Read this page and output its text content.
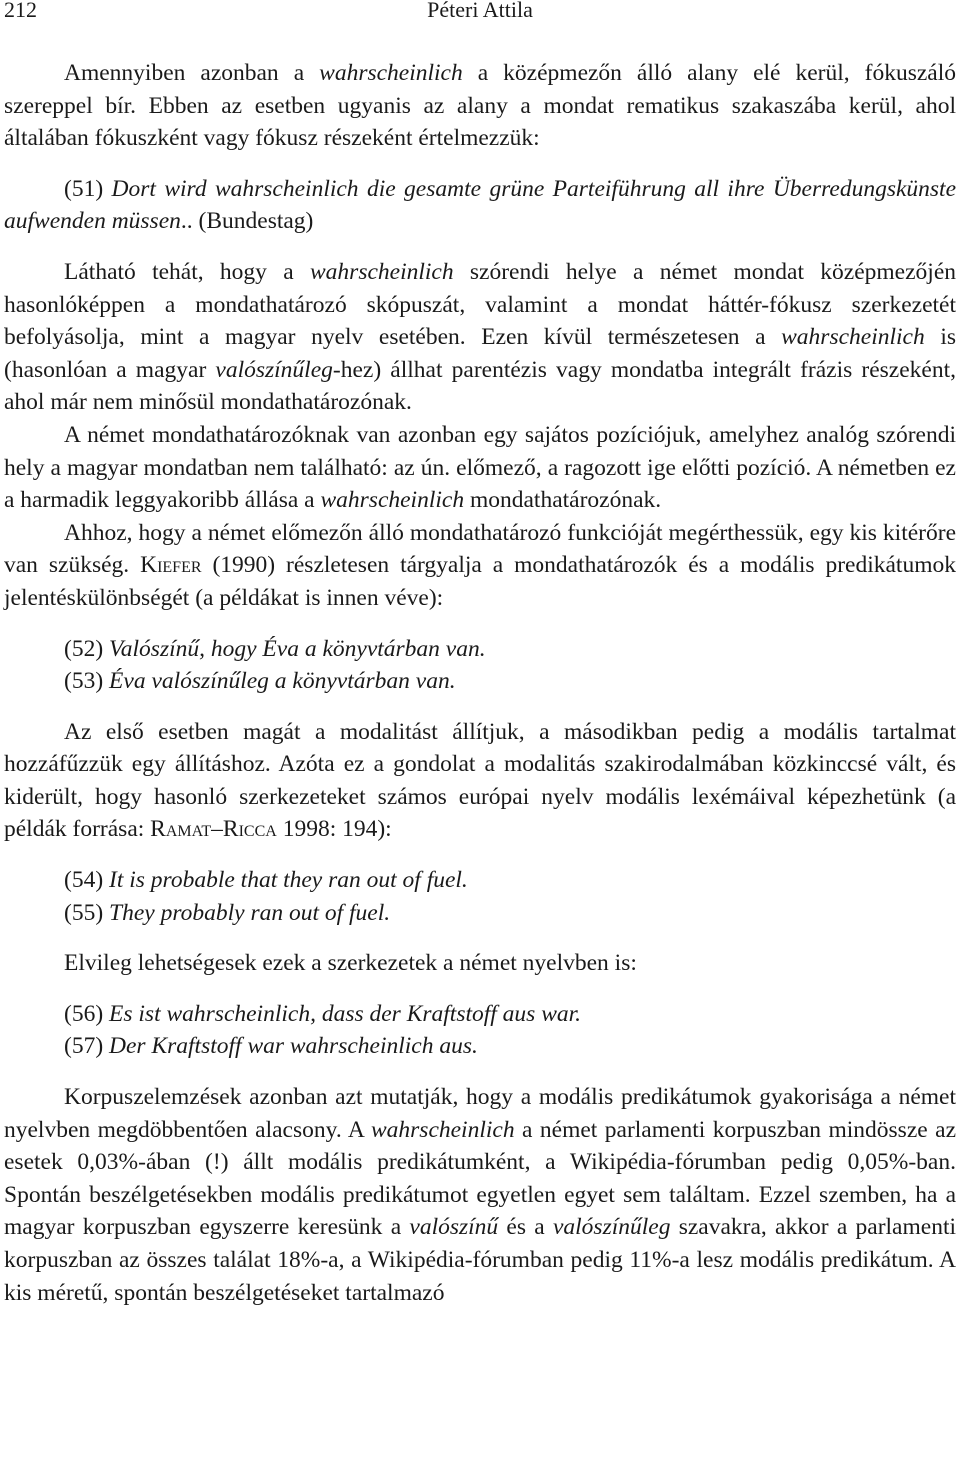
212	Péteri Attila

Amennyiben azonban a wahrscheinlich a középmezőn álló alany elé kerül, fókuszáló szereppel bír. Ebben az esetben ugyanis az alany a mondat rematikus szakaszába kerül, ahol általában fókuszként vagy fókusz részeként értelmezzük:

(51) Dort wird wahrscheinlich die gesamte grüne Parteiführung all ihre Überredungskünste aufwenden müssen.. (Bundestag)

Látható tehát, hogy a wahrscheinlich szórendi helye a német mondat középmezőjén hasonlóképpen a mondathatározó skópuszát, valamint a mondat háttér-fókusz szerkezetét befolyásolja, mint a magyar nyelv esetében. Ezen kívül természetesen a wahrscheinlich is (hasonlóan a magyar valószínűleg-hez) állhat parentézis vagy mondatba integrált frázis részeként, ahol már nem minősül mondathatározónak.

A német mondathatározóknak van azonban egy sajátos pozíciójuk, amelyhez analóg szórendi hely a magyar mondatban nem található: az ún. előmező, a ragozott ige előtti pozíció. A németben ez a harmadik leggyakoribb állása a wahrscheinlich mondathatározónak.

Ahhoz, hogy a német előmezőn álló mondathatározó funkcióját megérthessük, egy kis kitérőre van szükség. Kiefer (1990) részletesen tárgyalja a mondathatározók és a modális predikátumok jelentéskülönbségét (a példákat is innen véve):

(52) Valószínű, hogy Éva a könyvtárban van.

(53) Éva valószínűleg a könyvtárban van.

Az első esetben magát a modalitást állítjuk, a másodikban pedig a modális tartalmat hozzáfűzzük egy állításhoz. Azóta ez a gondolat a modalitás szakirodalmában közkinccsé vált, és kiderült, hogy hasonló szerkezeteket számos európai nyelv modális lexémáival képezhetünk (a példák forrása: Ramat–Ricca 1998: 194):

(54) It is probable that they ran out of fuel.

(55) They probably ran out of fuel.

Elvileg lehetségesek ezek a szerkezetek a német nyelvben is:

(56) Es ist wahrscheinlich, dass der Kraftstoff aus war.

(57) Der Kraftstoff war wahrscheinlich aus.

Korpuszelemzések azonban azt mutatják, hogy a modális predikátumok gyakorisága a német nyelvben megdöbbentően alacsony. A wahrscheinlich a német parlamenti korpuszban mindössze az esetek 0,03%-ában (!) állt modális predikátumként, a Wikipédia-fórumban pedig 0,05%-ban. Spontán beszélgetésekben modális predikátumot egyetlen egyet sem találtam. Ezzel szemben, ha a magyar korpuszban egyszerre keresünk a valószínű és a valószínűleg szavakra, akkor a parlamenti korpuszban az összes találat 18%-a, a Wikipédia-fórumban pedig 11%-a lesz modális predikátum. A kis méretű, spontán beszélgetéseket tartalmazó
